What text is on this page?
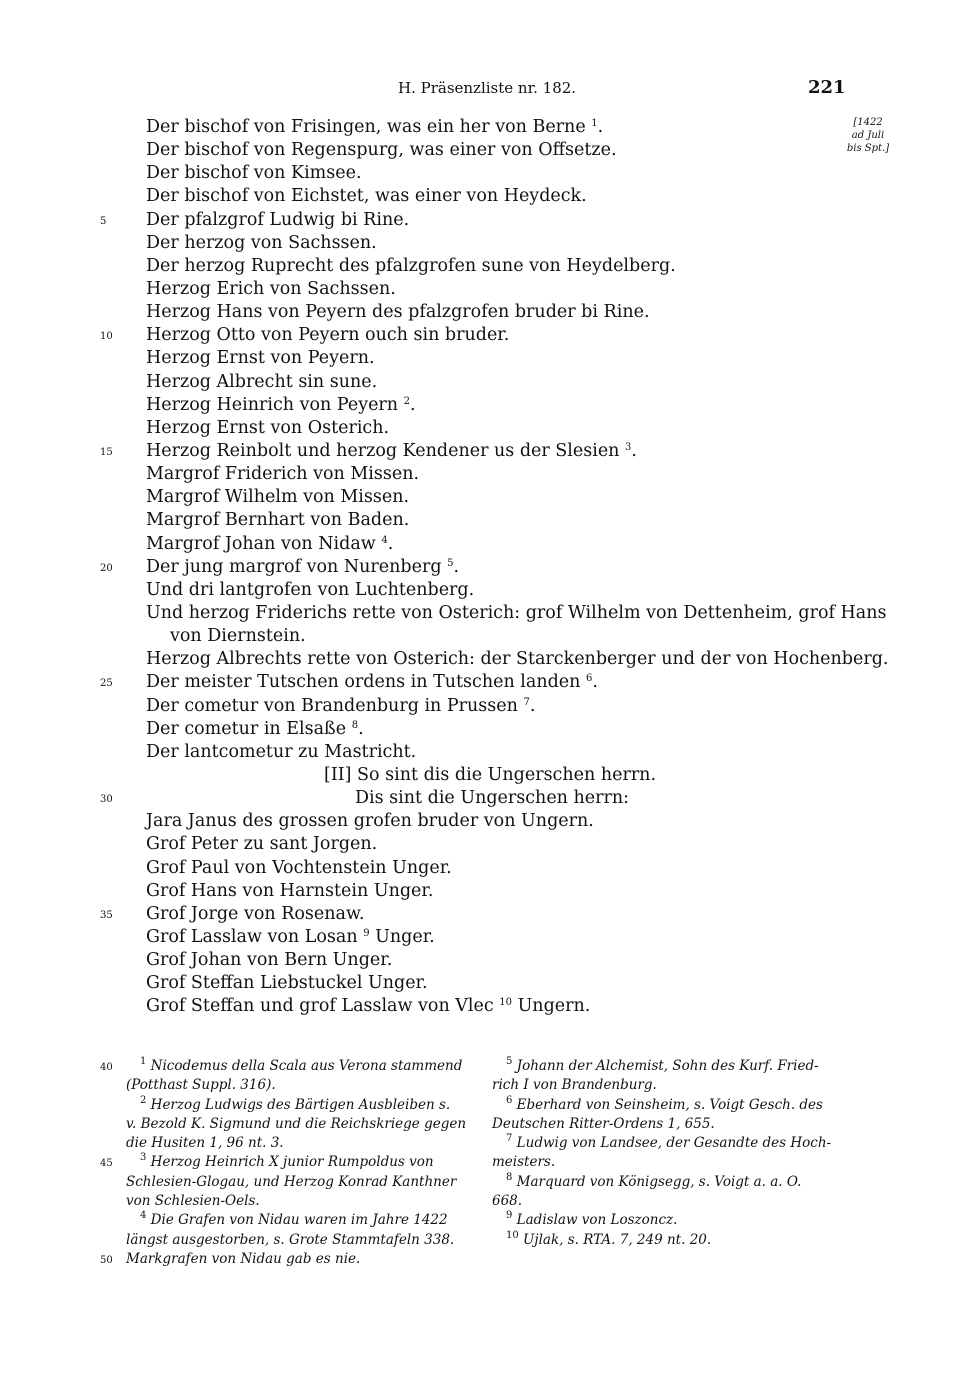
H. Präsenzliste nr. 182.	221
[1422
ad Juli
bis Spt.]
Der bischof von Frisingen, was ein her von Berne $^1$.
Der bischof von Regenspurg, was einer von Offsetze.
Der bischof von Kimsee.
Der bischof von Eichstet, was einer von Heydeck.
5	Der pfalzgrof Ludwig bi Rine.
Der herzog von Sachssen.
Der herzog Ruprecht des pfalzgrofen sune von Heydelberg.
Herzog Erich von Sachssen.
Herzog Hans von Peyern des pfalzgrofen bruder bi Rine.
10	Herzog Otto von Peyern ouch sin bruder.
Herzog Ernst von Peyern.
Herzog Albrecht sin sune.
Herzog Heinrich von Peyern $^2$.
Herzog Ernst von Osterich.
15	Herzog Reinbolt und herzog Kendener us der Slesien $^3$.
Margrof Friderich von Missen.
Margrof Wilhelm von Missen.
Margrof Bernhart von Baden.
Margrof Johan von Nidaw $^4$.
20	Der jung margrof von Nurenberg $^5$.
Und dri lantgrofen von Luchtenberg.
Und herzog Friderichs rette von Osterich: grof Wilhelm von Dettenheim, grof Hans
von Diernstein.
Herzog Albrechts rette von Osterich: der Starckenberger und der von Hochenberg.
25	Der meister Tutschen ordens in Tutschen landen $^6$.
Der cometur von Brandenburg in Prussen $^7$.
Der cometur in Elsaße $^8$.
Der lantcometur zu Mastricht.
[II] So sint dis die Ungerschen herrn.
30	Dis sint die Ungerschen herrn:
Jara Janus des grossen grofen bruder von Ungern.
Grof Peter zu sant Jorgen.
Grof Paul von Vochtenstein Unger.
Grof Hans von Harnstein Unger.
35	Grof Jorge von Rosenaw.
Grof Lasslaw von Losan $^9$ Unger.
Grof Johan von Bern Unger.
Grof Steffan Liebstuckel Unger.
Grof Steffan und grof Lasslaw von Vlec $^{10}$ Ungern.
40
$^1$ Nicodemus della Scala aus Verona stammend
(Potthast Suppl. 316).
$^2$ Herzog Ludwigs des Bärtigen Ausbleiben s.
v. Bezold K. Sigmund und die Reichskriege gegen
die Husiten 1, 96 nt. 3.
45
$^3$ Herzog Heinrich X junior Rumpoldus von
Schlesien-Glogau, und Herzog Konrad Kanthner
von Schlesien-Oels.
$^4$ Die Grafen von Nidau waren im Jahre 1422
längst ausgestorben, s. Grote Stammtafeln 338.
50 Markgrafen von Nidau gab es nie.
$^5$ Johann der Alchemist, Sohn des Kurf. Fried-
rich I von Brandenburg.
$^6$ Eberhard von Seinsheim, s. Voigt Gesch. des
Deutschen Ritter-Ordens 1, 655.
$^7$ Ludwig von Landsee, der Gesandte des Hoch-
meisters.
$^8$ Marquard von Königsegg, s. Voigt a. a. O.
668.
$^9$ Ladislaw von Loszoncz.
$^{10}$ Ujlak, s. RTA. 7, 249 nt. 20.
